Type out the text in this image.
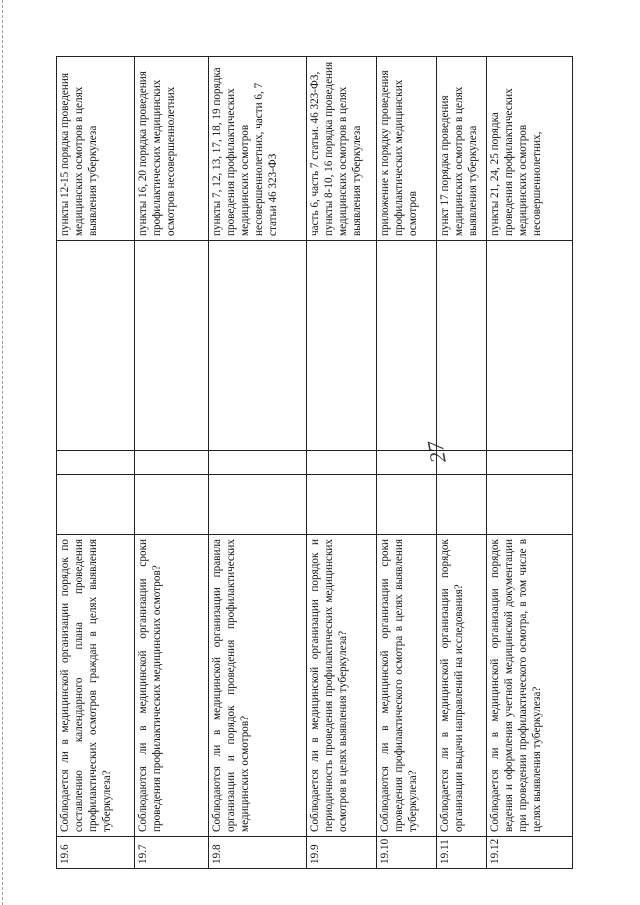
27
19.6	Соблюдается ли в медицинской организации порядок по составлению календарного плана проведения профилактических осмотров граждан в целях выявления туберкулеза?				пункты 12-15 порядка проведения медицинских осмотров в целях выявления туберкулеза
19.7	Соблюдаются ли в медицинской организации сроки проведения профилактических медицинских осмотров?				пункты 16, 20 порядка проведения профилактических медицинских осмотров несовершеннолетних
19.8	Соблюдаются ли в медицинской организации правила организации и порядок проведения профилактических медицинских осмотров?				пункты 7, 12, 13, 17, 18, 19 порядка проведения профилактических медицинских осмотров несовершеннолетних, части 6, 7 статьи 46 323-ФЗ
19.9	Соблюдается ли в медицинской организации порядок и периодичность проведения профилактических медицинских осмотров в целях выявления туберкулеза?				часть 6, часть 7 статьи. 46 323-ФЗ, пункты 8-10, 16 порядка проведения медицинских осмотров в целях выявления туберкулеза
19.10	Соблюдаются ли в медицинской организации сроки проведения профилактического осмотра в целях выявления туберкулеза?				приложение к порядку проведения профилактических медицинских осмотров
19.11	Соблюдается ли в медицинской организации порядок организации выдачи направлений на исследования?				пункт 17 порядка проведения медицинских осмотров в целях выявления туберкулеза
19.12	Соблюдается ли в медицинской организации порядок ведения и оформления учетной медицинской документации при проведении профилактического осмотра, в том числе в целях выявления туберкулеза?				пункты 21, 24, 25 порядка проведения профилактических медицинских осмотров несовершеннолетних,
